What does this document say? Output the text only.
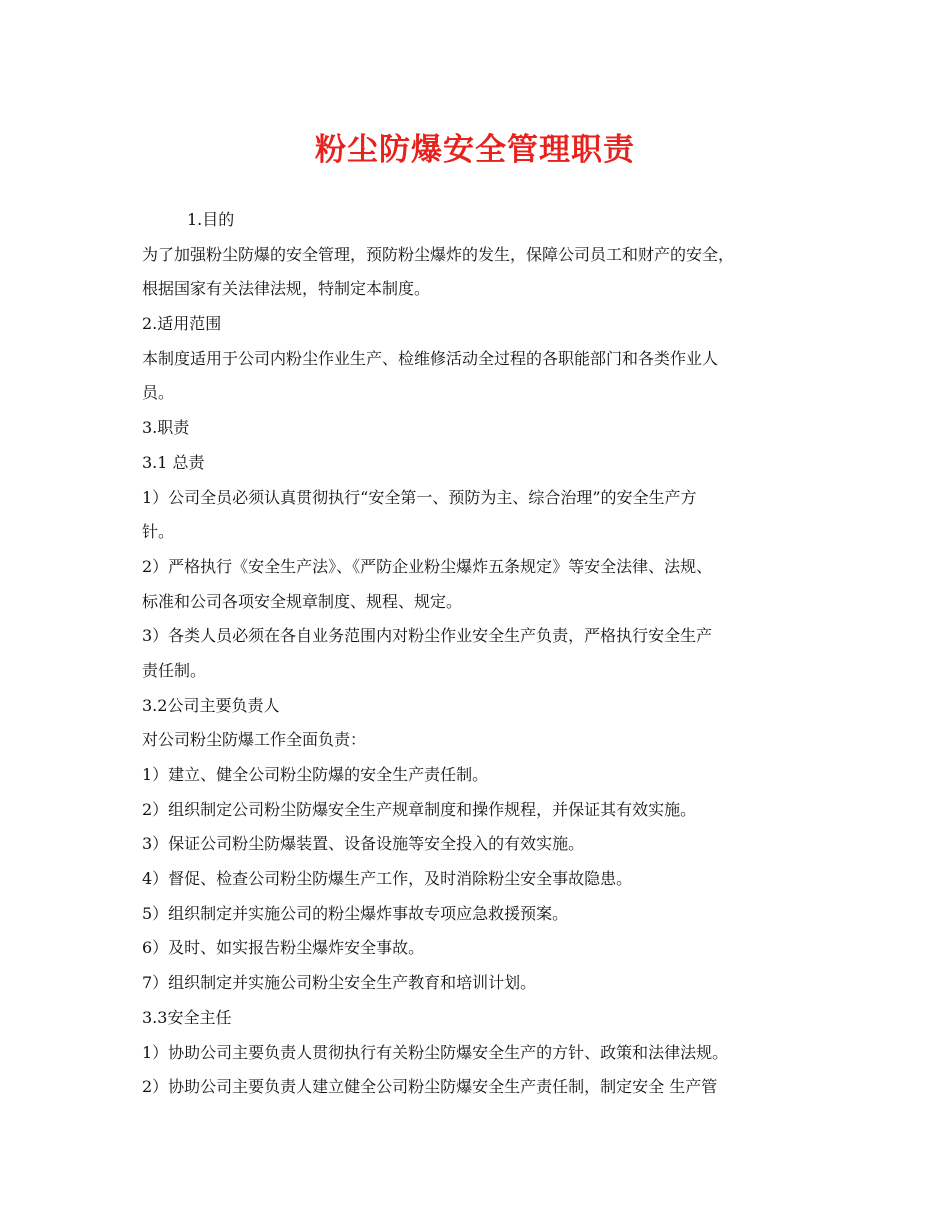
粉尘防爆安全管理职责

1.目的

为了加强粉尘防爆的安全管理，预防粉尘爆炸的发生，保障公司员工和财产的安全，

根据国家有关法律法规，特制定本制度。

2.适用范围

本制度适用于公司内粉尘作业生产、检维修活动全过程的各职能部门和各类作业人

员。

3.职责

3.1 总责

1）公司全员必须认真贯彻执行“安全第一、预防为主、综合治理”的安全生产方

针。

2）严格执行《安全生产法》、《严防企业粉尘爆炸五条规定》等安全法律、法规、

标准和公司各项安全规章制度、规程、规定。

3）各类人员必须在各自业务范围内对粉尘作业安全生产负责，严格执行安全生产

责任制。

3.2公司主要负责人

对公司粉尘防爆工作全面负责：

1）建立、健全公司粉尘防爆的安全生产责任制。

2）组织制定公司粉尘防爆安全生产规章制度和操作规程，并保证其有效实施。

3）保证公司粉尘防爆装置、设备设施等安全投入的有效实施。

4）督促、检查公司粉尘防爆生产工作，及时消除粉尘安全事故隐患。

5）组织制定并实施公司的粉尘爆炸事故专项应急救援预案。

6）及时、如实报告粉尘爆炸安全事故。

7）组织制定并实施公司粉尘安全生产教育和培训计划。

3.3安全主任

1）协助公司主要负责人贯彻执行有关粉尘防爆安全生产的方针、政策和法律法规。

2）协助公司主要负责人建立健全公司粉尘防爆安全生产责任制，制定安全 生产管
